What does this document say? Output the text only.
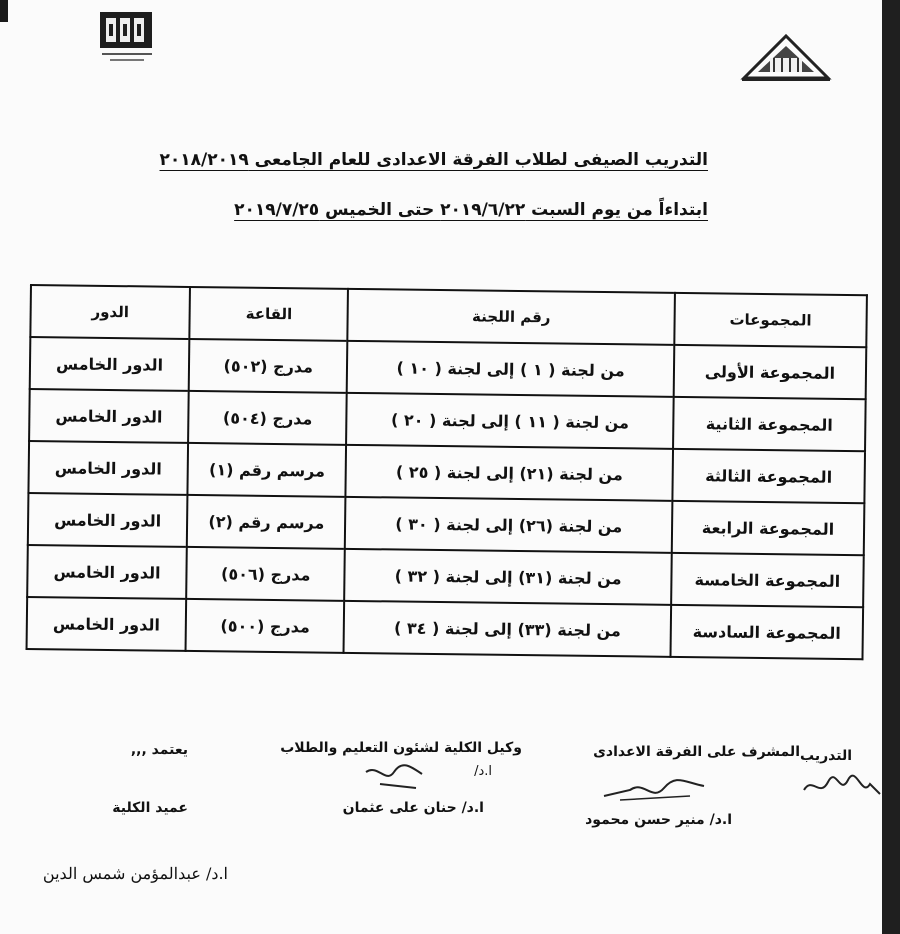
التدريب الصيفى لطلاب الفرقة الاعدادى للعام الجامعى ٢٠١٨/٢٠١٩
ابتداءاً من يوم السبت ٢٠١٩/٦/٢٢ حتى الخميس ٢٠١٩/٧/٢٥
المجموعات	رقم اللجنة	القاعة	الدور
المجموعة الأولى	من لجنة ( ١ ) إلى لجنة ( ١٠ )	مدرج (٥٠٢)	الدور الخامس
المجموعة الثانية	من لجنة ( ١١ ) إلى لجنة ( ٢٠ )	مدرج (٥٠٤)	الدور الخامس
المجموعة الثالثة	من لجنة (٢١) إلى لجنة ( ٢٥ )	مرسم رقم (١)	الدور الخامس
المجموعة الرابعة	من لجنة (٢٦) إلى لجنة ( ٣٠ )	مرسم رقم (٢)	الدور الخامس
المجموعة الخامسة	من لجنة (٣١) إلى لجنة ( ٣٢ )	مدرج (٥٠٦)	الدور الخامس
المجموعة السادسة	من لجنة (٣٣) إلى لجنة ( ٣٤ )	مدرج (٥٠٠)	الدور الخامس
التدريب
المشرف على الفرقة الاعدادى
ا.د/ منير حسن محمود
وكيل الكلية لشئون التعليم والطلاب
ا.د/
ا.د/ حنان على عثمان
يعتمد ,,,
عميد الكلية
ا.د/ عبدالمؤمن شمس الدين
